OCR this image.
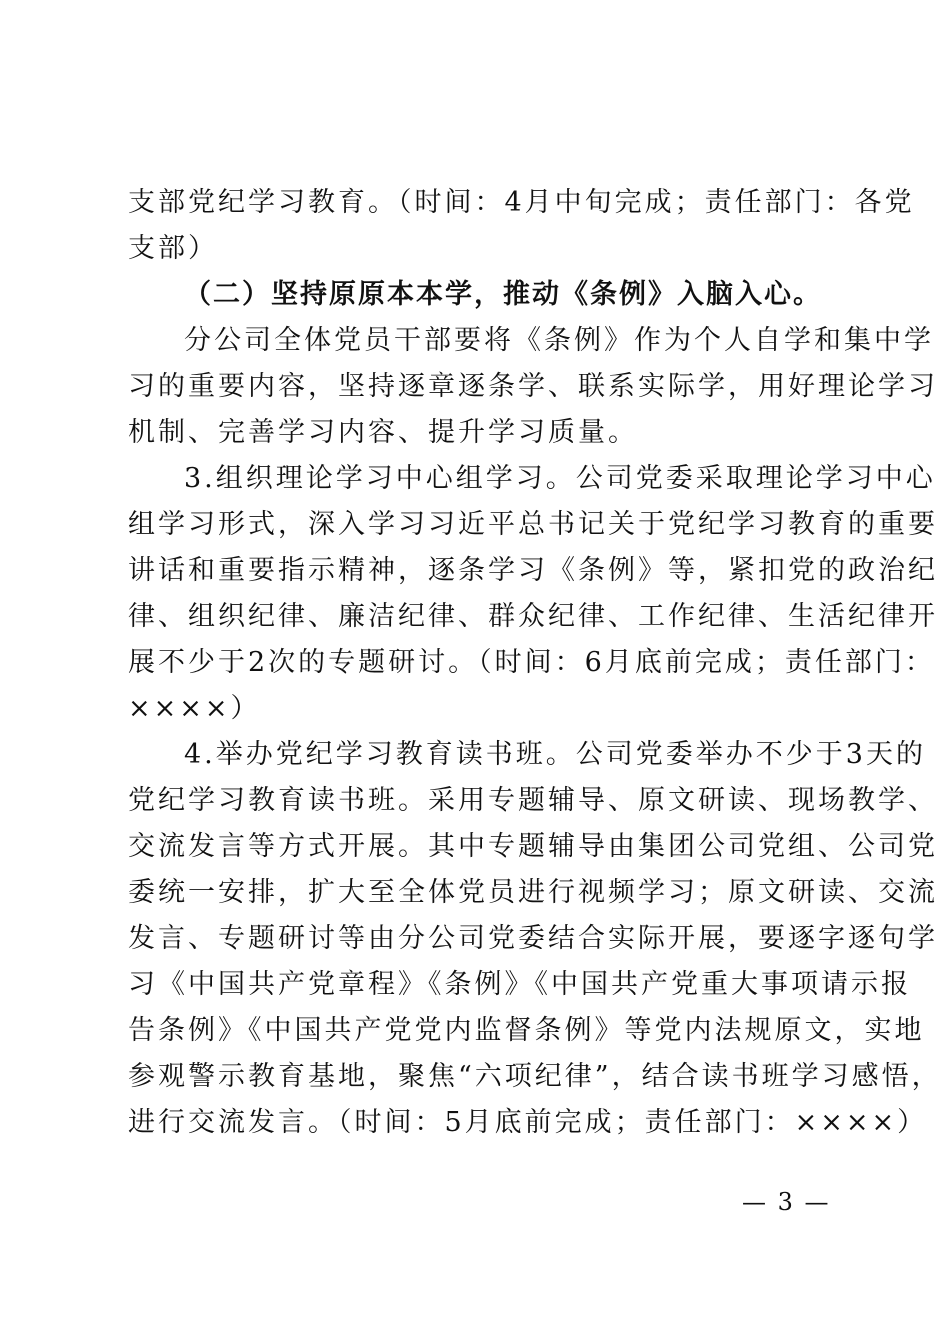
支部党纪学习教育。（时间：4月中旬完成；责任部门：各党
支部）
（二）坚持原原本本学，推动《条例》入脑入心。
分公司全体党员干部要将《条例》作为个人自学和集中学
习的重要内容，坚持逐章逐条学、联系实际学，用好理论学习
机制、完善学习内容、提升学习质量。
3.组织理论学习中心组学习。公司党委采取理论学习中心
组学习形式，深入学习习近平总书记关于党纪学习教育的重要
讲话和重要指示精神，逐条学习《条例》等，紧扣党的政治纪
律、组织纪律、廉洁纪律、群众纪律、工作纪律、生活纪律开
展不少于2次的专题研讨。（时间：6月底前完成；责任部门：
××××）
4.举办党纪学习教育读书班。公司党委举办不少于3天的
党纪学习教育读书班。采用专题辅导、原文研读、现场教学、
交流发言等方式开展。其中专题辅导由集团公司党组、公司党
委统一安排，扩大至全体党员进行视频学习；原文研读、交流
发言、专题研讨等由分公司党委结合实际开展，要逐字逐句学
习《中国共产党章程》《条例》《中国共产党重大事项请示报
告条例》《中国共产党党内监督条例》等党内法规原文，实地
参观警示教育基地，聚焦“六项纪律”，结合读书班学习感悟，
进行交流发言。（时间：5月底前完成；责任部门：××××）
— 3 —
